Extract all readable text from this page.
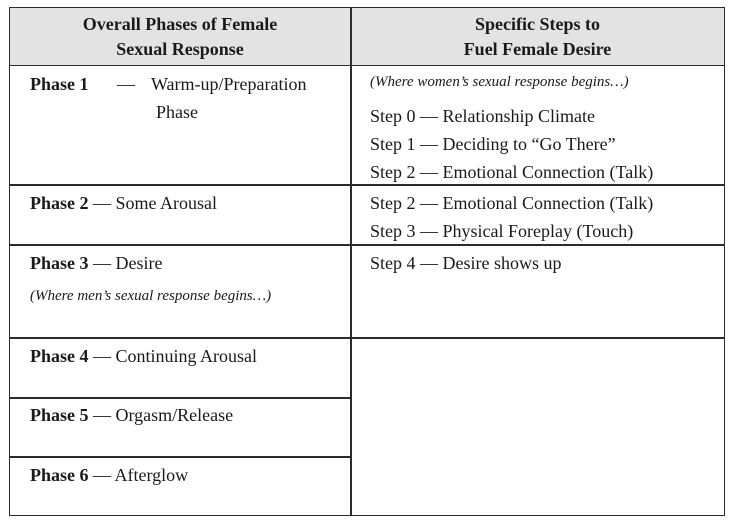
Overall Phases of Female
Sexual Response
Specific Steps to
Fuel Female Desire
Phase 1 — Warm-up/Preparation
Phase
Phase 2 — Some Arousal
Phase 3 — Desire
(Where men’s sexual response begins…)
Phase 4 — Continuing Arousal
Phase 5 — Orgasm/Release
Phase 6 — Afterglow
(Where women’s sexual response begins…)
Step 0 — Relationship Climate
Step 1 — Deciding to “Go There”
Step 2 — Emotional Connection (Talk)
Step 2 — Emotional Connection (Talk)
Step 3 — Physical Foreplay (Touch)
Step 4 — Desire shows up
